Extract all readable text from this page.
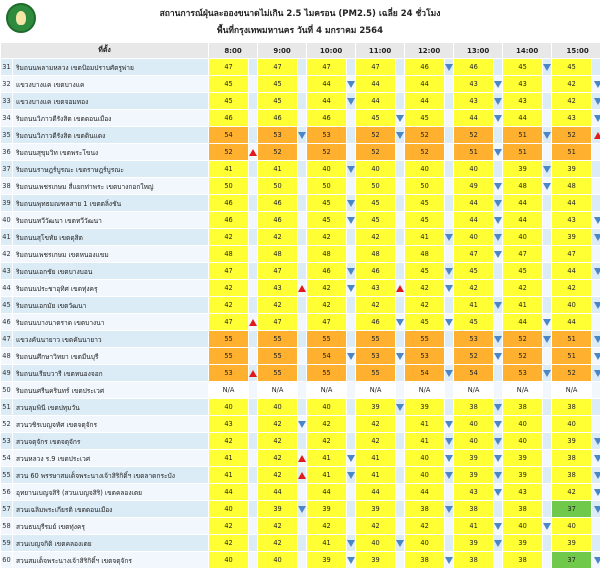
สถานการณ์ฝุ่นละอองขนาดไม่เกิน 2.5 ไมครอน (PM2.5) เฉลี่ย 24 ชั่วโมง
พื้นที่กรุงเทพมหานคร วันที่ 4 มกราคม 2564
ที่ตั้ง		8:00		9:00		10:00		11:00		12:00		13:00		14:00		15:00	
31	ริมถนนพลามหลวง เขตป้อมปราบศัตรูพ่าย	47		47		47		47		46		46		45		45	
32	แขวงบางแค เขตบางแค	45		45		44		44		44		43		43		42	
33	แขวงบางแค เขตจอมทอง	45		45		44		44		44		43		43		42	
34	ริมถนนวิภาวดีรังสิต เขตดอนเมือง	46		46		46		45		45		44		44		43	
35	ริมถนนวิภาวดีรังสิต เขตดินแดง	54		53		53		52		52		52		51		52	
36	ริมถนนสุขุมวิท เขตพระโขนง	52		52		52		52		52		51		51		51	
37	ริมถนนราษฎร์บูรณะ เขตราษฎร์บูรณะ	41		41		40		40		40		40		39		39	
38	ริมถนนเพชรเกษม สี่แยกท่าพระ เขตบางกอกใหญ่	50		50		50		50		50		49		48		48	
39	ริมถนนพุทธมณฑลสาย 1 เขตตลิ่งชัน	46		46		45		45		45		44		44		44	
40	ริมถนนทวีวัฒนา เขตทวีวัฒนา	46		46		45		45		45		44		44		43	
41	ริมถนนสุโขทัย เขตดุสิต	42		42		42		42		41		40		40		39	
42	ริมถนนเพชรเกษม เขตหนองแขม	48		48		48		48		48		47		47		47	
43	ริมถนนเอกชัย เขตบางบอน	47		47		46		46		45		45		45		44	
44	ริมถนนประชาอุทิศ เขตทุ่งครุ	42		43		42		43		42		42		42		42	
45	ริมถนนเอกมัย เขตวัฒนา	42		42		42		42		42		41		41		40	
46	ริมถนนบางนาตราด เขตบางนา	47		47		47		46		45		45		44		44	
47	แขวงคันนายาว เขตคันนายาว	55		55		55		55		55		53		52		51	
48	ริมถนนศึกษาวิทยา เขตมีนบุรี	55		55		54		53		53		52		52		51	
49	ริมถนนเรียบวารี เขตหนองจอก	53		55		55		55		54		54		53		52	
50	ริมถนนศรีนครินทร์ เขตประเวศ	N/A		N/A		N/A		N/A		N/A		N/A		N/A		N/A	
51	สวนลุมพินี เขตปทุมวัน	40		40		40		39		39		38		38		38	
52	สวนวชิรเบญจทัศ เขตจตุจักร	43		42		42		42		41		40		40		40	
53	สวนจตุจักร เขตจตุจักร	42		42		42		42		41		40		40		39	
54	สวนหลวง ร.9 เขตประเวศ	41		42		41		41		40		39		39		38	
55	สวน 60 พรรษาสมเด็จพระนางเจ้าสิริกิติ์ฯ เขตลาดกระบัง	41		42		41		41		40		39		39		38	
56	อุทยานเบญจสิริ (สวนเบญจสิริ) เขตคลองเตย	44		44		44		44		44		43		43		42	
57	สวนเฉลิมพระเกียรติ เขตดอนเมือง	40		39		39		39		38		38		38		37	
58	สวนธนบุรีรมย์ เขตทุ่งครุ	42		42		42		42		42		41		40		40	
59	สวนเบญจกิติ เขตคลองเตย	42		42		41		40		40		39		39		39	
60	สวนสมเด็จพระนางเจ้าสิริกิติ์ฯ เขตจตุจักร	40		40		39		39		38		38		38		37	
